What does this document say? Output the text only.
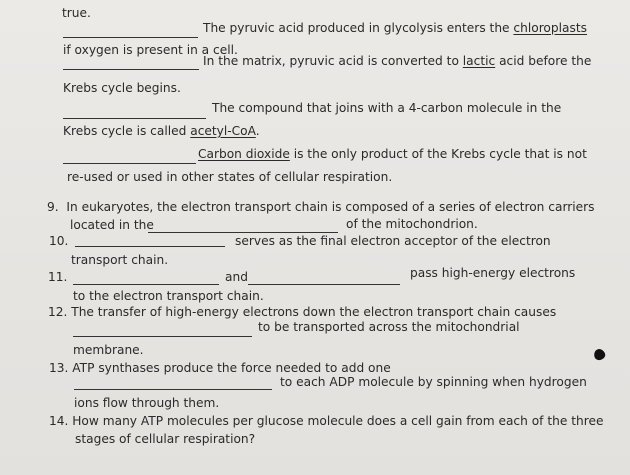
true.
The pyruvic acid produced in glycolysis enters the chloroplasts
if oxygen is present in a cell.
In the matrix, pyruvic acid is converted to lactic acid before the
Krebs cycle begins.
The compound that joins with a 4-carbon molecule in the
Krebs cycle is called acetyl-CoA.
Carbon dioxide is the only product of the Krebs cycle that is not
re-used or used in other states of cellular respiration.
9. In eukaryotes, the electron transport chain is composed of a series of electron carriers
located in the	of the mitochondrion.
10.	serves as the final electron acceptor of the electron
transport chain.
11.	and	pass high-energy electrons
to the electron transport chain.
12. The transfer of high-energy electrons down the electron transport chain causes
to be transported across the mitochondrial
membrane.
13. ATP synthases produce the force needed to add one
to each ADP molecule by spinning when hydrogen
ions flow through them.
14. How many ATP molecules per glucose molecule does a cell gain from each of the three
stages of cellular respiration?
